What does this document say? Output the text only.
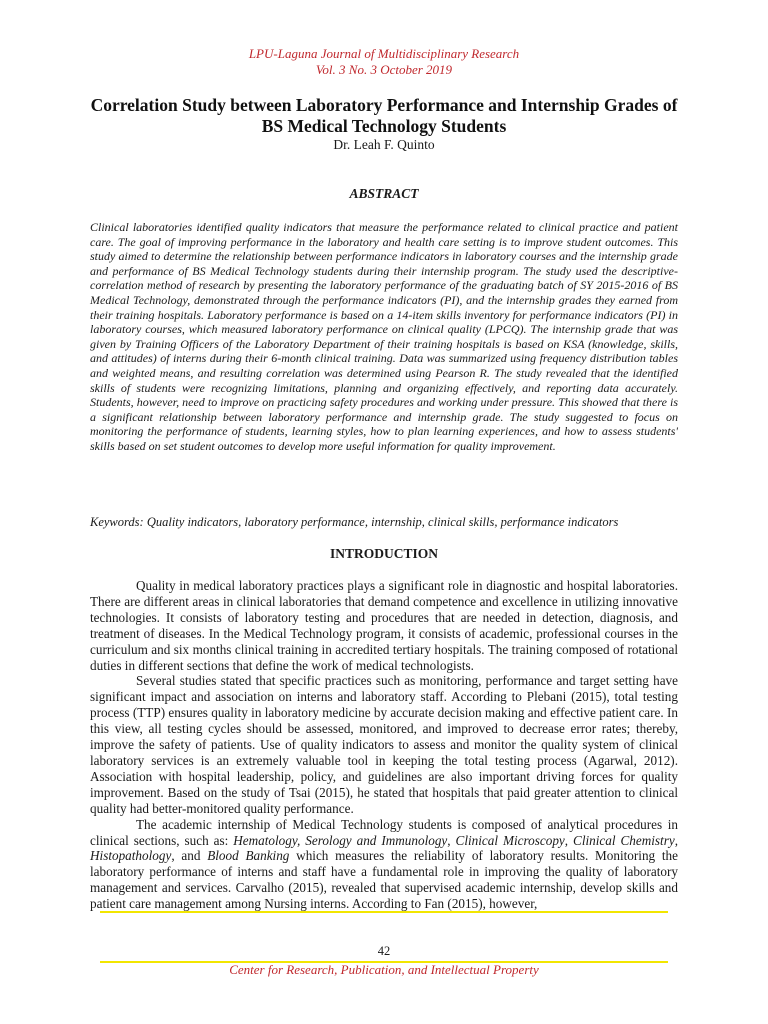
LPU-Laguna Journal of Multidisciplinary Research
Vol. 3 No. 3 October 2019
Correlation Study between Laboratory Performance and Internship Grades of BS Medical Technology Students
Dr. Leah F. Quinto
ABSTRACT

Clinical laboratories identified quality indicators that measure the performance related to clinical practice and patient care. The goal of improving performance in the laboratory and health care setting is to improve student outcomes. This study aimed to determine the relationship between performance indicators in laboratory courses and the internship grade and performance of BS Medical Technology students during their internship program. The study used the descriptive-correlation method of research by presenting the laboratory performance of the graduating batch of SY 2015-2016 of BS Medical Technology, demonstrated through the performance indicators (PI), and the internship grades they earned from their training hospitals. Laboratory performance is based on a 14-item skills inventory for performance indicators (PI) in laboratory courses, which measured laboratory performance on clinical quality (LPCQ). The internship grade that was given by Training Officers of the Laboratory Department of their training hospitals is based on KSA (knowledge, skills, and attitudes) of interns during their 6-month clinical training. Data was summarized using frequency distribution tables and weighted means, and resulting correlation was determined using Pearson R. The study revealed that the identified skills of students were recognizing limitations, planning and organizing effectively, and reporting data accurately. Students, however, need to improve on practicing safety procedures and working under pressure. This showed that there is a significant relationship between laboratory performance and internship grade. The study suggested to focus on monitoring the performance of students, learning styles, how to plan learning experiences, and how to assess students' skills based on set student outcomes to develop more useful information for quality improvement.

Keywords: Quality indicators, laboratory performance, internship, clinical skills, performance indicators

INTRODUCTION

Quality in medical laboratory practices plays a significant role in diagnostic and hospital laboratories. There are different areas in clinical laboratories that demand competence and excellence in utilizing innovative technologies. It consists of laboratory testing and procedures that are needed in detection, diagnosis, and treatment of diseases. In the Medical Technology program, it consists of academic, professional courses in the curriculum and six months clinical training in accredited tertiary hospitals. The training composed of rotational duties in different sections that define the work of medical technologists.

Several studies stated that specific practices such as monitoring, performance and target setting have significant impact and association on interns and laboratory staff. According to Plebani (2015), total testing process (TTP) ensures quality in laboratory medicine by accurate decision making and effective patient care. In this view, all testing cycles should be assessed, monitored, and improved to decrease error rates; thereby, improve the safety of patients. Use of quality indicators to assess and monitor the quality system of clinical laboratory services is an extremely valuable tool in keeping the total testing process (Agarwal, 2012). Association with hospital leadership, policy, and guidelines are also important driving forces for quality improvement. Based on the study of Tsai (2015), he stated that hospitals that paid greater attention to clinical quality had better-monitored quality performance.

The academic internship of Medical Technology students is composed of analytical procedures in clinical sections, such as: Hematology, Serology and Immunology, Clinical Microscopy, Clinical Chemistry, Histopathology, and Blood Banking which measures the reliability of laboratory results. Monitoring the laboratory performance of interns and staff have a fundamental role in improving the quality of laboratory management and services. Carvalho (2015), revealed that supervised academic internship, develop skills and patient care management among Nursing interns. According to Fan (2015), however,

42
Center for Research, Publication, and Intellectual Property
